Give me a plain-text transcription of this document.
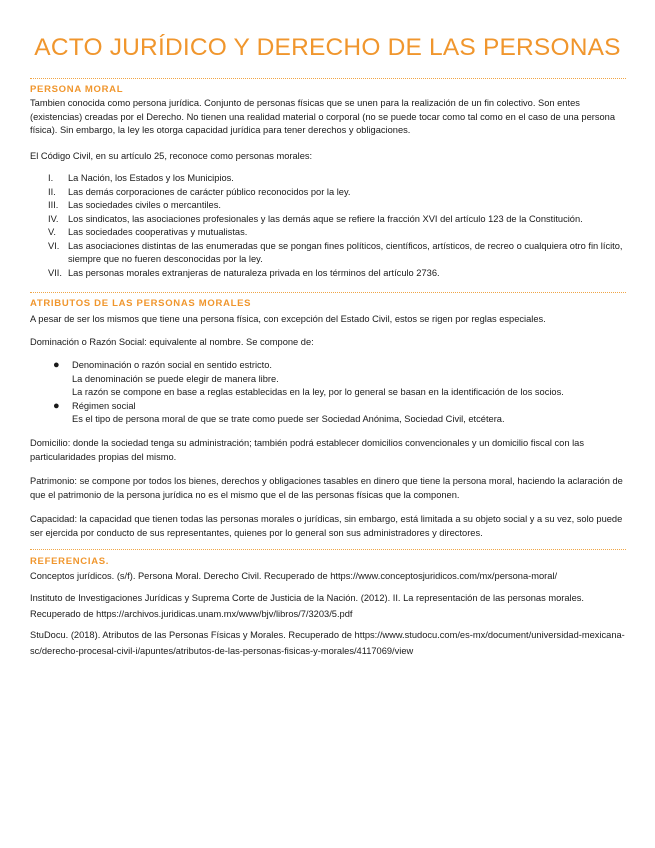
ACTO JURÍDICO Y DERECHO DE LAS PERSONAS
PERSONA MORAL
Tambien conocida como persona jurídica. Conjunto de personas físicas que se unen para la realización de un fin colectivo. Son entes (existencias) creadas por el Derecho. No tienen una realidad material o corporal (no se puede tocar como tal como en el caso de una persona física). Sin embargo, la ley les otorga capacidad jurídica para tener derechos y obligaciones.
El Código Civil, en su artículo 25, reconoce como personas morales:
I.	La Nación, los Estados y los Municipios.
II.	Las demás corporaciones de carácter público reconocidos por la ley.
III.	Las sociedades civiles o mercantiles.
IV.	Los sindicatos, las asociaciones profesionales y las demás aque se refiere la fracción XVI del artículo 123 de la Constitución.
V.	Las sociedades cooperativas y mutualistas.
VI. Las asociaciones distintas de las enumeradas que se pongan fines políticos, científicos, artísticos, de recreo o cualquiera otro fin lícito, siempre que no fueren desconocidas por la ley.
VII. Las personas morales extranjeras de naturaleza privada en los términos del artículo 2736.
ATRIBUTOS DE LAS PERSONAS MORALES
A pesar de ser los mismos que tiene una persona física, con excepción del Estado Civil, estos se rigen por reglas especiales.
Dominación o Razón Social: equivalente al nombre. Se compone de:
● Denominación o razón social en sentido estricto.
La denominación se puede elegir de manera libre.
La razón se compone en base a reglas establecidas en la ley, por lo general se basan en la identificación de los socios.
● Régimen social
Es el tipo de persona moral de que se trate como puede ser Sociedad Anónima, Sociedad Civil, etcétera.
Domicilio: donde la sociedad tenga su administración; también podrá establecer domicilios convencionales y un domicilio fiscal con las particularidades propias del mismo.
Patrimonio: se compone por todos los bienes, derechos y obligaciones tasables en dinero que tiene la persona moral, haciendo la aclaración de que el patrimonio de la persona jurídica no es el mismo que el de las personas físicas que la componen.
Capacidad: la capacidad que tienen todas las personas morales o jurídicas, sin embargo, está limitada a su objeto social y a su vez, solo puede ser ejercida por conducto de sus representantes, quienes por lo general son sus administradores y directores.
REFERENCIAS.
Conceptos jurídicos. (s/f). Persona Moral. Derecho Civil. Recuperado de https://www.conceptosjuridicos.com/mx/persona-moral/
Instituto de Investigaciones Jurídicas y Suprema Corte de Justicia de la Nación. (2012). II. La representación de las personas morales. Recuperado de https://archivos.juridicas.unam.mx/www/bjv/libros/7/3203/5.pdf
StuDocu. (2018). Atributos de las Personas Físicas y Morales. Recuperado de https://www.studocu.com/es-mx/document/universidad-mexicana-sc/derecho-procesal-civil-i/apuntes/atributos-de-las-personas-fisicas-y-morales/4117069/view
